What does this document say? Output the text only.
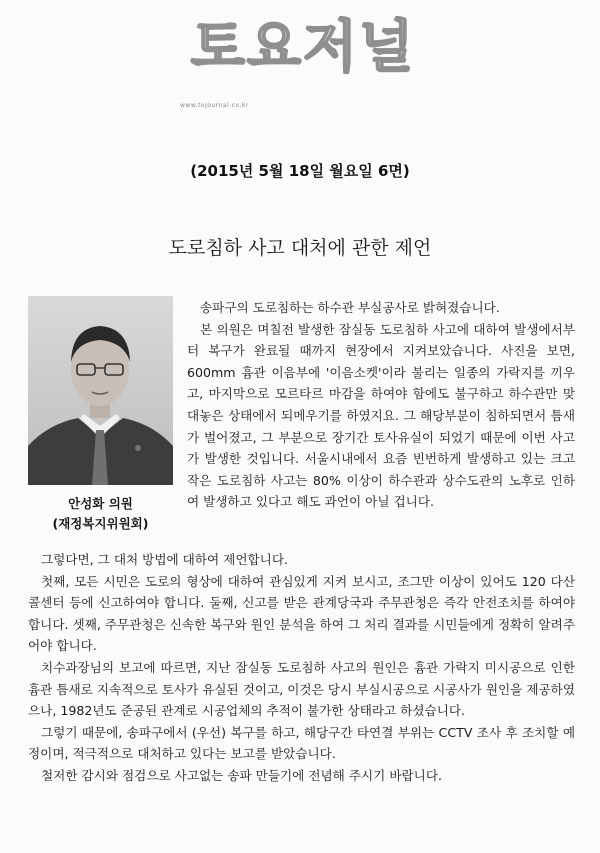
토요저널
www.tojournal.co.kr
(2015년 5월 18일 월요일 6면)
도로침하 사고 대처에 관한 제언
안성화 의원
(재정복지위원회)

송파구의 도로침하는 하수관 부실공사로 밝혀졌습니다.

본 의원은 며칠전 발생한 잠실동 도로침하 사고에 대하여 발생에서부터 복구가 완료될 때까지 현장에서 지켜보았습니다. 사진을 보면, 600mm 흄관 이음부에 '이음소켓'이라 불리는 일종의 가락지를 끼우고, 마지막으로 모르타르 마감을 하여야 함에도 불구하고 하수관만 맞대놓은 상태에서 되메우기를 하였지요. 그 해당부분이 침하되면서 틈새가 벌어졌고, 그 부분으로 장기간 토사유실이 되었기 때문에 이번 사고가 발생한 것입니다. 서울시내에서 요즘 빈번하게 발생하고 있는 크고 작은 도로침하 사고는 80% 이상이 하수관과 상수도관의 노후로 인하여 발생하고 있다고 해도 과언이 아닐 겁니다.

그렇다면, 그 대처 방법에 대하여 제언합니다.

첫째, 모든 시민은 도로의 형상에 대하여 관심있게 지켜 보시고, 조그만 이상이 있어도 120 다산콜센터 등에 신고하여야 합니다. 둘째, 신고를 받은 관계당국과 주무관청은 즉각 안전조치를 하여야 합니다. 셋째, 주무관청은 신속한 복구와 원인 분석을 하여 그 처리 결과를 시민들에게 정확히 알려주어야 합니다.

치수과장님의 보고에 따르면, 지난 잠실동 도로침하 사고의 원인은 흄관 가락지 미시공으로 인한 흄관 틈새로 지속적으로 토사가 유실된 것이고, 이것은 당시 부실시공으로 시공사가 원인을 제공하였으나, 1982년도 준공된 관계로 시공업체의 추적이 불가한 상태라고 하셨습니다.

그렇기 때문에, 송파구에서 (우선) 복구를 하고, 해당구간 타연결 부위는 CCTV 조사 후 조치할 예정이며, 적극적으로 대처하고 있다는 보고를 받았습니다.

철저한 감시와 점검으로 사고없는 송파 만들기에 전념해 주시기 바랍니다.
